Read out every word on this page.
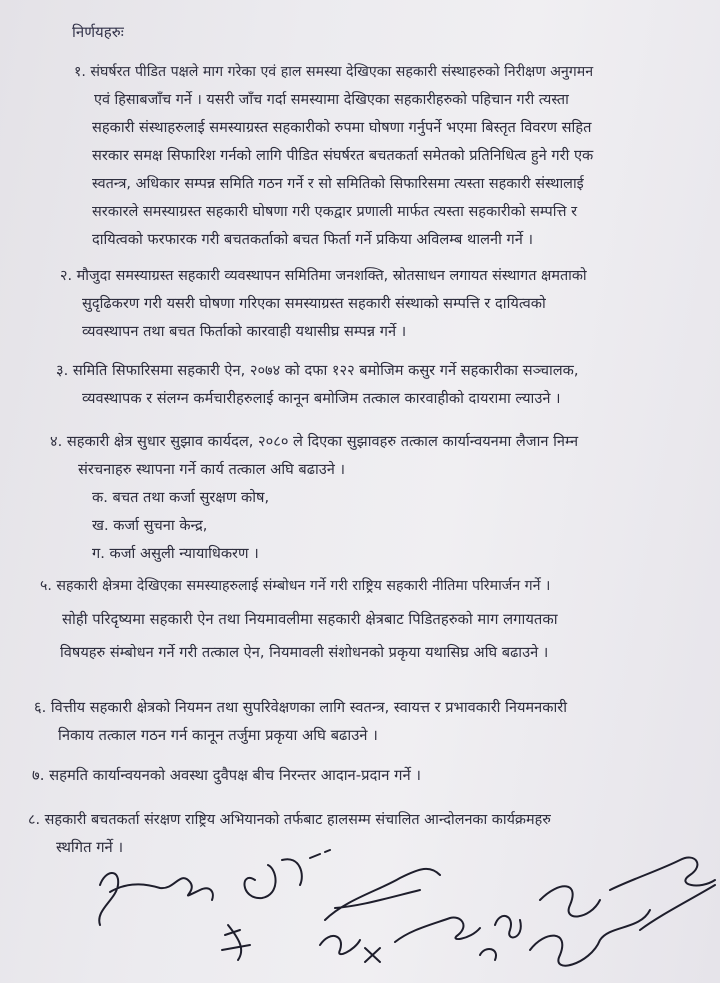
निर्णयहरुः
१. संघर्षरत पीडित पक्षले माग गरेका एवं हाल समस्या देखिएका सहकारी संस्थाहरुको निरीक्षण अनुगमन
एवं हिसाबजाँच गर्ने । यसरी जाँच गर्दा समस्यामा देखिएका सहकारीहरुको पहिचान गरी त्यस्ता
सहकारी संस्थाहरुलाई समस्याग्रस्त सहकारीको रुपमा घोषणा गर्नुपर्ने भएमा बिस्तृत विवरण सहित
सरकार समक्ष सिफारिश गर्नको लागि पीडित संघर्षरत बचतकर्ता समेतको प्रतिनिधित्व हुने गरी एक
स्वतन्त्र, अधिकार सम्पन्न समिति गठन गर्ने र सो समितिको सिफारिसमा त्यस्ता सहकारी संस्थालाई
सरकारले समस्याग्रस्त सहकारी घोषणा गरी एकद्वार प्रणाली मार्फत त्यस्ता सहकारीको सम्पत्ति र
दायित्वको फरफारक गरी बचतकर्ताको बचत फिर्ता गर्ने प्रकिया अविलम्ब थालनी गर्ने ।
२. मौजुदा समस्याग्रस्त सहकारी व्यवस्थापन समितिमा जनशक्ति, स्रोतसाधन लगायत संस्थागत क्षमताको
सुदृढिकरण गरी यसरी घोषणा गरिएका समस्याग्रस्त सहकारी संस्थाको सम्पत्ति र दायित्वको
व्यवस्थापन तथा बचत फिर्ताको कारवाही यथासीघ्र सम्पन्न गर्ने ।
३. समिति सिफारिसमा सहकारी ऐन, २०७४ को दफा १२२ बमोजिम कसुर गर्ने सहकारीका सञ्चालक,
व्यवस्थापक र संलग्न कर्मचारीहरुलाई कानून बमोजिम तत्काल कारवाहीको दायरामा ल्याउने ।
४. सहकारी क्षेत्र सुधार सुझाव कार्यदल, २०८० ले दिएका सुझावहरु तत्काल कार्यान्वयनमा लैजान निम्न
संरचनाहरु स्थापना गर्ने कार्य तत्काल अघि बढाउने ।
क. बचत तथा कर्जा सुरक्षण कोष,
ख. कर्जा सुचना केन्द्र,
ग. कर्जा असुली न्यायाधिकरण ।
५. सहकारी क्षेत्रमा देखिएका समस्याहरुलाई संम्बोधन गर्ने गरी राष्ट्रिय सहकारी नीतिमा परिमार्जन गर्ने ।
सोही परिदृष्यमा सहकारी ऐन तथा नियमावलीमा सहकारी क्षेत्रबाट पिडितहरुको माग लगायतका
विषयहरु संम्बोधन गर्ने गरी तत्काल ऐन, नियमावली संशोधनको प्रकृया यथासिघ्र अघि बढाउने ।
६. वित्तीय सहकारी क्षेत्रको नियमन तथा सुपरिवेक्षणका लागि स्वतन्त्र, स्वायत्त र प्रभावकारी नियमनकारी
निकाय तत्काल गठन गर्न कानून तर्जुमा प्रकृया अघि बढाउने ।
७. सहमति कार्यान्वयनको अवस्था दुवैपक्ष बीच निरन्तर आदान-प्रदान गर्ने ।
८. सहकारी बचतकर्ता संरक्षण राष्ट्रिय अभियानको तर्फबाट हालसम्म संचालित आन्दोलनका कार्यक्रमहरु
स्थगित गर्ने ।
